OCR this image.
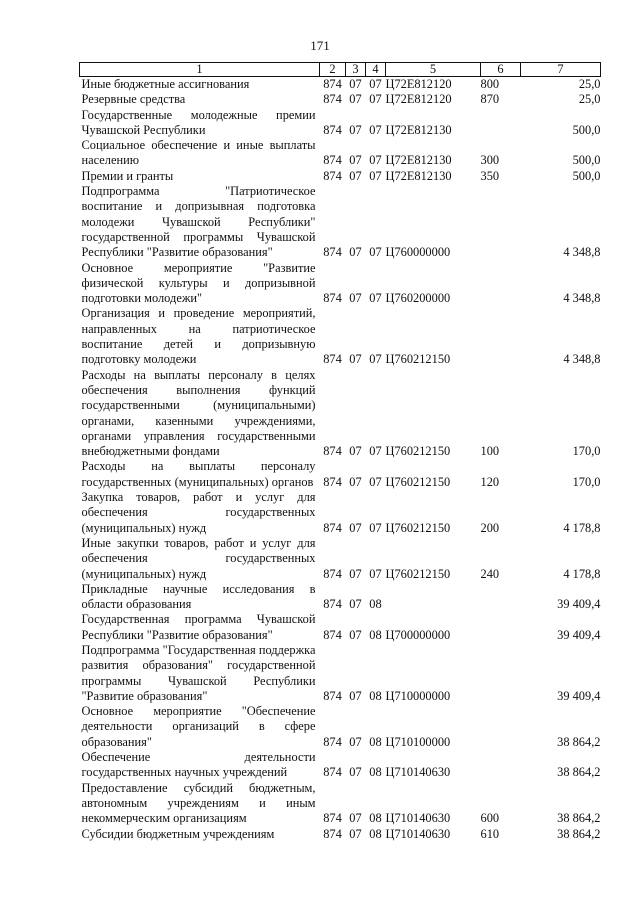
171
1	2	3	4	5	6	7
Иные бюджетные ассигнования	874	07	07	Ц72Е812120	800	25,0
Резервные средства	874	07	07	Ц72Е812120	870	25,0
Государственные молодежные премии Чувашской Республики	874	07	07	Ц72Е812130		500,0
Социальное обеспечение и иные выплаты населению	874	07	07	Ц72Е812130	300	500,0
Премии и гранты	874	07	07	Ц72Е812130	350	500,0
Подпрограмма "Патриотическое воспитание и допризывная подготовка молодежи Чувашской Республики" государственной программы Чувашской Республики "Развитие образования"	874	07	07	Ц760000000		4 348,8
Основное мероприятие "Развитие физической культуры и допризывной подготовки молодежи"	874	07	07	Ц760200000		4 348,8
Организация и проведение мероприятий, направленных на патриотическое воспитание детей и допризывную подготовку молодежи	874	07	07	Ц760212150		4 348,8
Расходы на выплаты персоналу в целях обеспечения выполнения функций государственными (муниципальными) органами, казенными учреждениями, органами управления государственными внебюджетными фондами	874	07	07	Ц760212150	100	170,0
Расходы на выплаты персоналу государственных (муниципальных) органов	874	07	07	Ц760212150	120	170,0
Закупка товаров, работ и услуг для обеспечения государственных (муниципальных) нужд	874	07	07	Ц760212150	200	4 178,8
Иные закупки товаров, работ и услуг для обеспечения государственных (муниципальных) нужд	874	07	07	Ц760212150	240	4 178,8
Прикладные научные исследования в области образования	874	07	08			39 409,4
Государственная программа Чувашской Республики "Развитие образования"	874	07	08	Ц700000000		39 409,4
Подпрограмма "Государственная поддержка развития образования" государственной программы Чувашской Республики "Развитие образования"	874	07	08	Ц710000000		39 409,4
Основное мероприятие "Обеспечение деятельности организаций в сфере образования"	874	07	08	Ц710100000		38 864,2
Обеспечение деятельности государственных научных учреждений	874	07	08	Ц710140630		38 864,2
Предоставление субсидий бюджетным, автономным учреждениям и иным некоммерческим организациям	874	07	08	Ц710140630	600	38 864,2
Субсидии бюджетным учреждениям	874	07	08	Ц710140630	610	38 864,2
